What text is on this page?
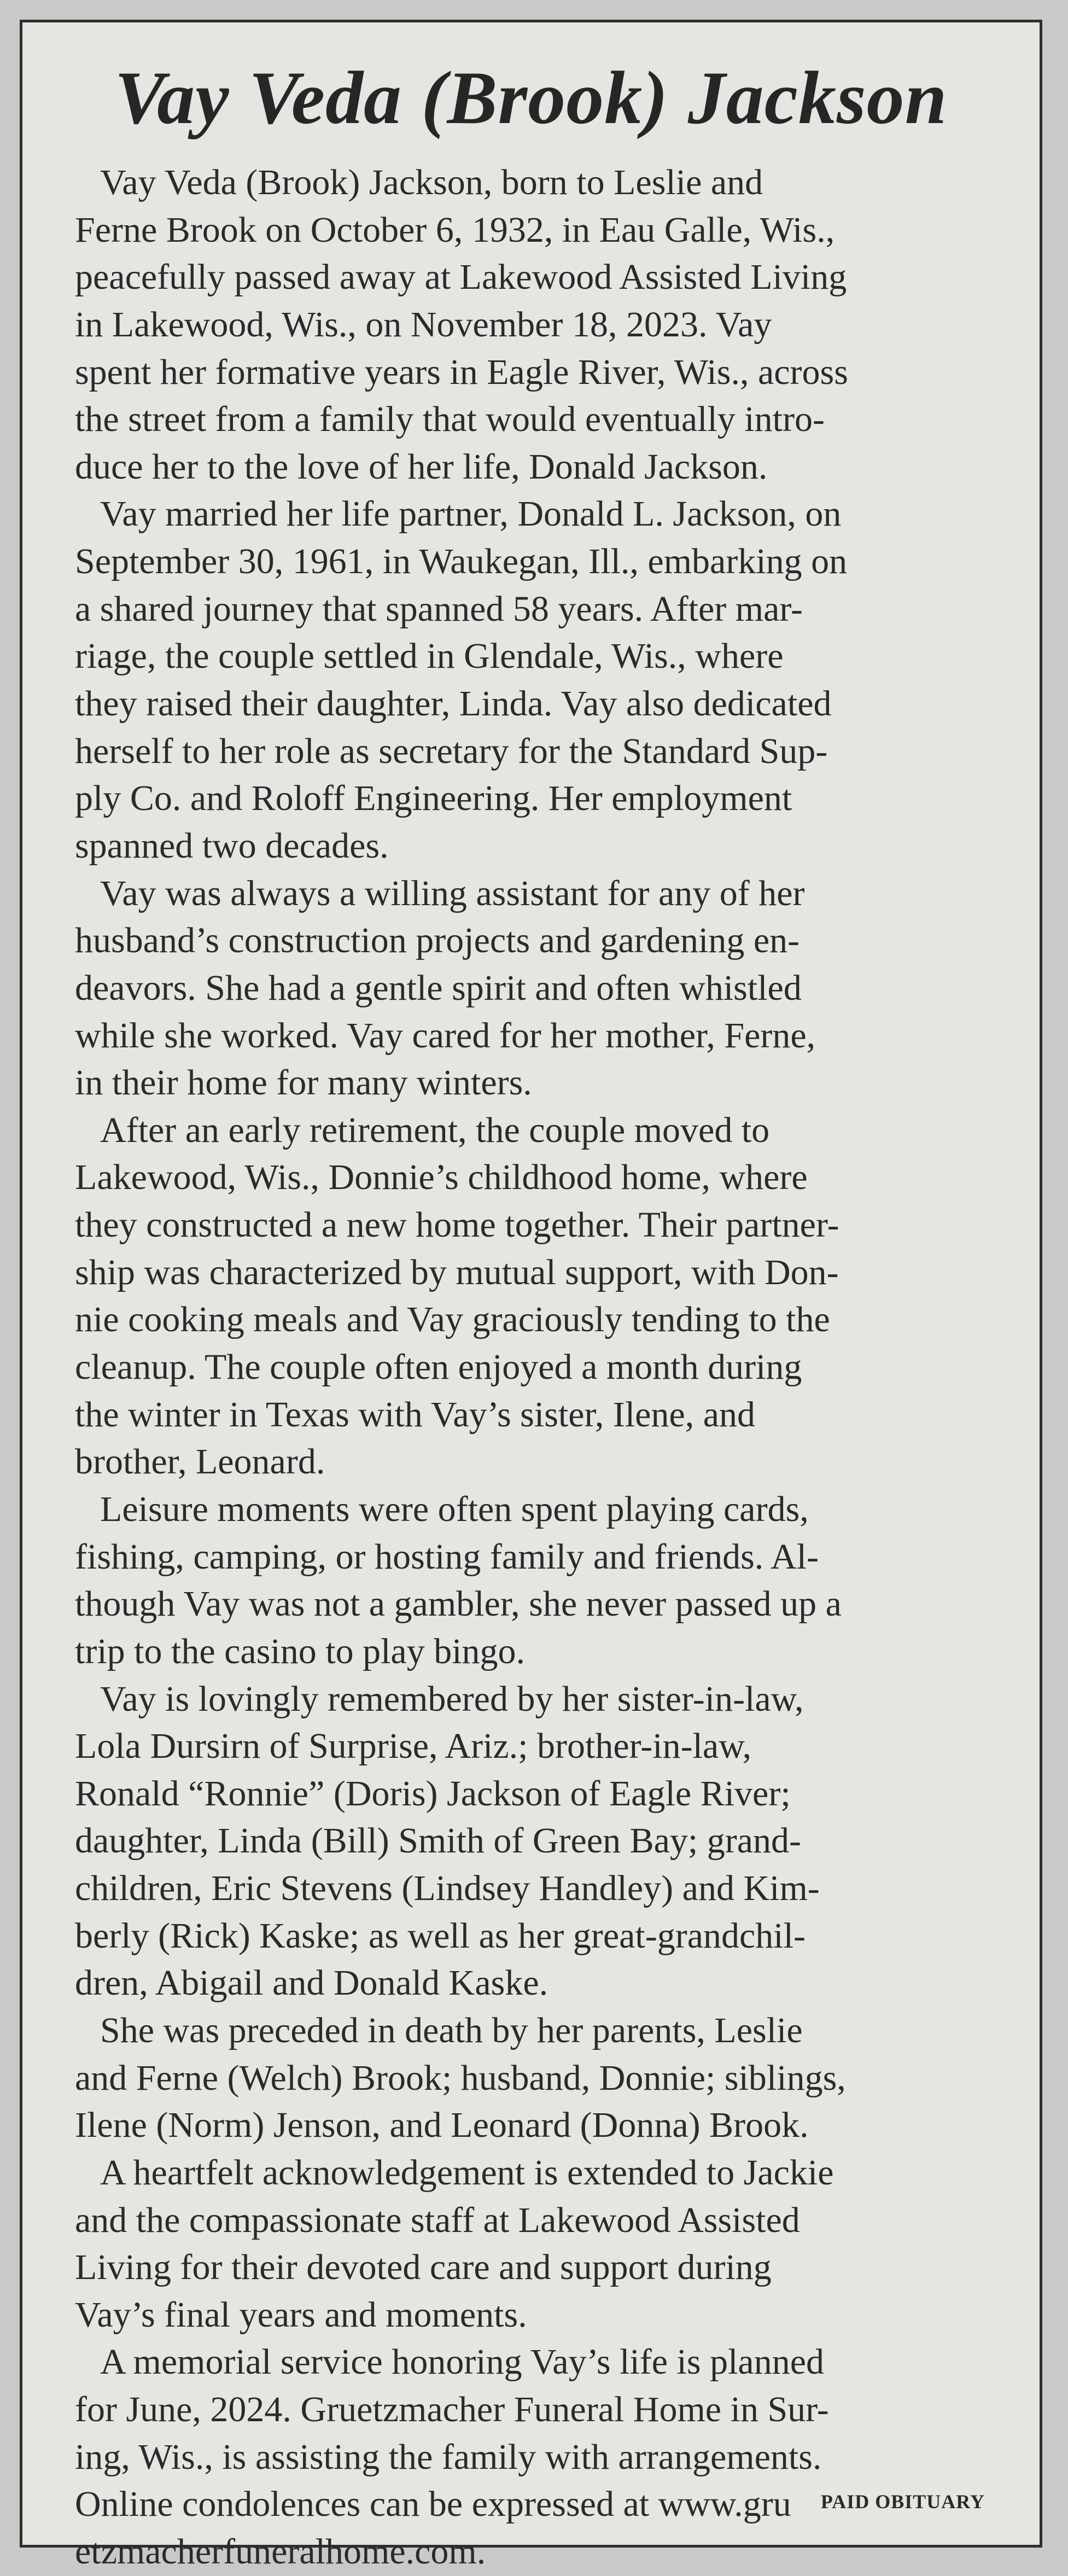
Vay Veda (Brook) Jackson
Vay Veda (Brook) Jackson, born to Leslie and
Ferne Brook on October 6, 1932, in Eau Galle, Wis.,
peacefully passed away at Lakewood Assisted Living
in Lakewood, Wis., on November 18, 2023. Vay
spent her formative years in Eagle River, Wis., across
the street from a family that would eventually intro-
duce her to the love of her life, Donald Jackson.
Vay married her life partner, Donald L. Jackson, on
September 30, 1961, in Waukegan, Ill., embarking on
a shared journey that spanned 58 years. After mar-
riage, the couple settled in Glendale, Wis., where
they raised their daughter, Linda. Vay also dedicated
herself to her role as secretary for the Standard Sup-
ply Co. and Roloff Engineering. Her employment
spanned two decades.
Vay was always a willing assistant for any of her
husband’s construction projects and gardening en-
deavors. She had a gentle spirit and often whistled
while she worked. Vay cared for her mother, Ferne,
in their home for many winters.
After an early retirement, the couple moved to
Lakewood, Wis., Donnie’s childhood home, where
they constructed a new home together. Their partner-
ship was characterized by mutual support, with Don-
nie cooking meals and Vay graciously tending to the
cleanup. The couple often enjoyed a month during
the winter in Texas with Vay’s sister, Ilene, and
brother, Leonard.
Leisure moments were often spent playing cards,
fishing, camping, or hosting family and friends. Al-
though Vay was not a gambler, she never passed up a
trip to the casino to play bingo.
Vay is lovingly remembered by her sister-in-law,
Lola Dursirn of Surprise, Ariz.; brother-in-law,
Ronald “Ronnie” (Doris) Jackson of Eagle River;
daughter, Linda (Bill) Smith of Green Bay; grand-
children, Eric Stevens (Lindsey Handley) and Kim-
berly (Rick) Kaske; as well as her great-grandchil-
dren, Abigail and Donald Kaske.
She was preceded in death by her parents, Leslie
and Ferne (Welch) Brook; husband, Donnie; siblings,
Ilene (Norm) Jenson, and Leonard (Donna) Brook.
A heartfelt acknowledgement is extended to Jackie
and the compassionate staff at Lakewood Assisted
Living for their devoted care and support during
Vay’s final years and moments.
A memorial service honoring Vay’s life is planned
for June, 2024. Gruetzmacher Funeral Home in Sur-
ing, Wis., is assisting the family with arrangements.
Online condolences can be expressed at www.gru
etzmacherfuneralhome.com.
PAID OBITUARY
